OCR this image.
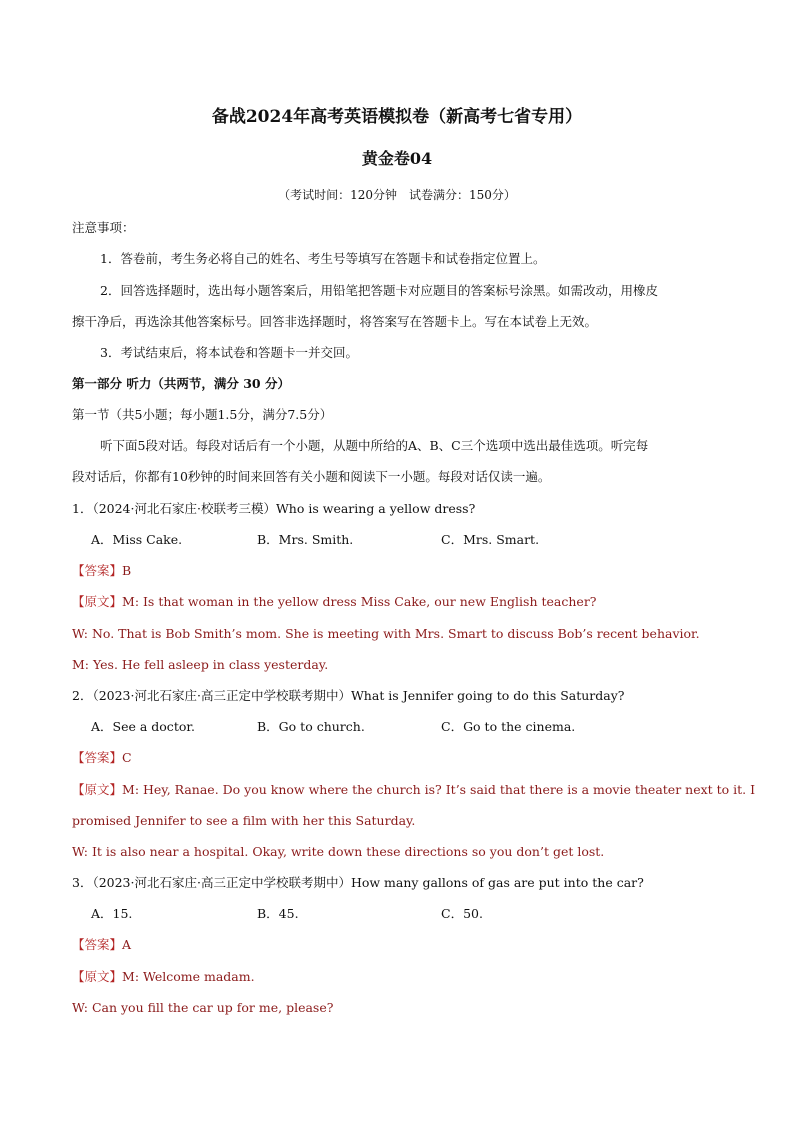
备战2024年高考英语模拟卷（新高考七省专用）
黄金卷04
（考试时间：120分钟　试卷满分：150分）
注意事项：
1．答卷前，考生务必将自己的姓名、考生号等填写在答题卡和试卷指定位置上。
2．回答选择题时，选出每小题答案后，用铅笔把答题卡对应题目的答案标号涂黑。如需改动，用橡皮
擦干净后，再选涂其他答案标号。回答非选择题时，将答案写在答题卡上。写在本试卷上无效。
3．考试结束后，将本试卷和答题卡一并交回。
第一部分 听力（共两节，满分 30 分）
第一节（共5小题；每小题1.5分，满分7.5分）
听下面5段对话。每段对话后有一个小题，从题中所给的A、B、C三个选项中选出最佳选项。听完每
段对话后，你都有10秒钟的时间来回答有关小题和阅读下一小题。每段对话仅读一遍。
1．（2024·河北石家庄·校联考三模）Who is wearing a yellow dress?
A．Miss Cake.	B．Mrs. Smith.	C．Mrs. Smart.
【答案】B
【原文】M: Is that woman in the yellow dress Miss Cake, our new English teacher?
W: No. That is Bob Smith’s mom. She is meeting with Mrs. Smart to discuss Bob’s recent behavior.
M: Yes. He fell asleep in class yesterday.
2．（2023·河北石家庄·高三正定中学校联考期中）What is Jennifer going to do this Saturday?
A．See a doctor.	B．Go to church.	C．Go to the cinema.
【答案】C
【原文】M: Hey, Ranae. Do you know where the church is? It’s said that there is a movie theater next to it. I
promised Jennifer to see a film with her this Saturday.
W: It is also near a hospital. Okay, write down these directions so you don’t get lost.
3．（2023·河北石家庄·高三正定中学校联考期中）How many gallons of gas are put into the car?
A．15.	B．45.	C．50.
【答案】A
【原文】M: Welcome madam.
W: Can you fill the car up for me, please?
